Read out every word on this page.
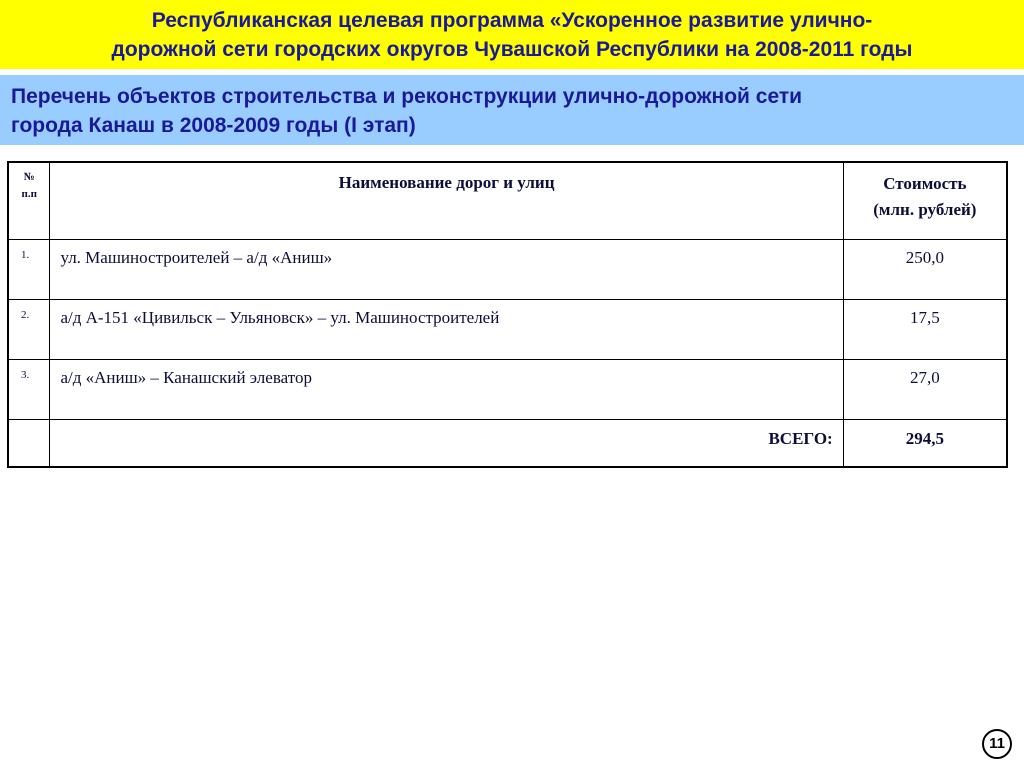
Республиканская целевая программа «Ускоренное развитие улично-
дорожной сети городских округов Чувашской Республики на 2008-2011 годы
Перечень объектов строительства и реконструкции улично-дорожной сети
города Канаш в 2008-2009 годы (I этап)
№
п.п	Наименование дорог и улиц	Стоимость
(млн. рублей)

1.	ул. Машиностроителей – а/д «Аниш»	250,0
2.	а/д А-151 «Цивильск – Ульяновск» – ул. Машиностроителей	17,5
3.	а/д «Аниш» – Канашский элеватор	27,0
	ВСЕГО:	294,5
11
